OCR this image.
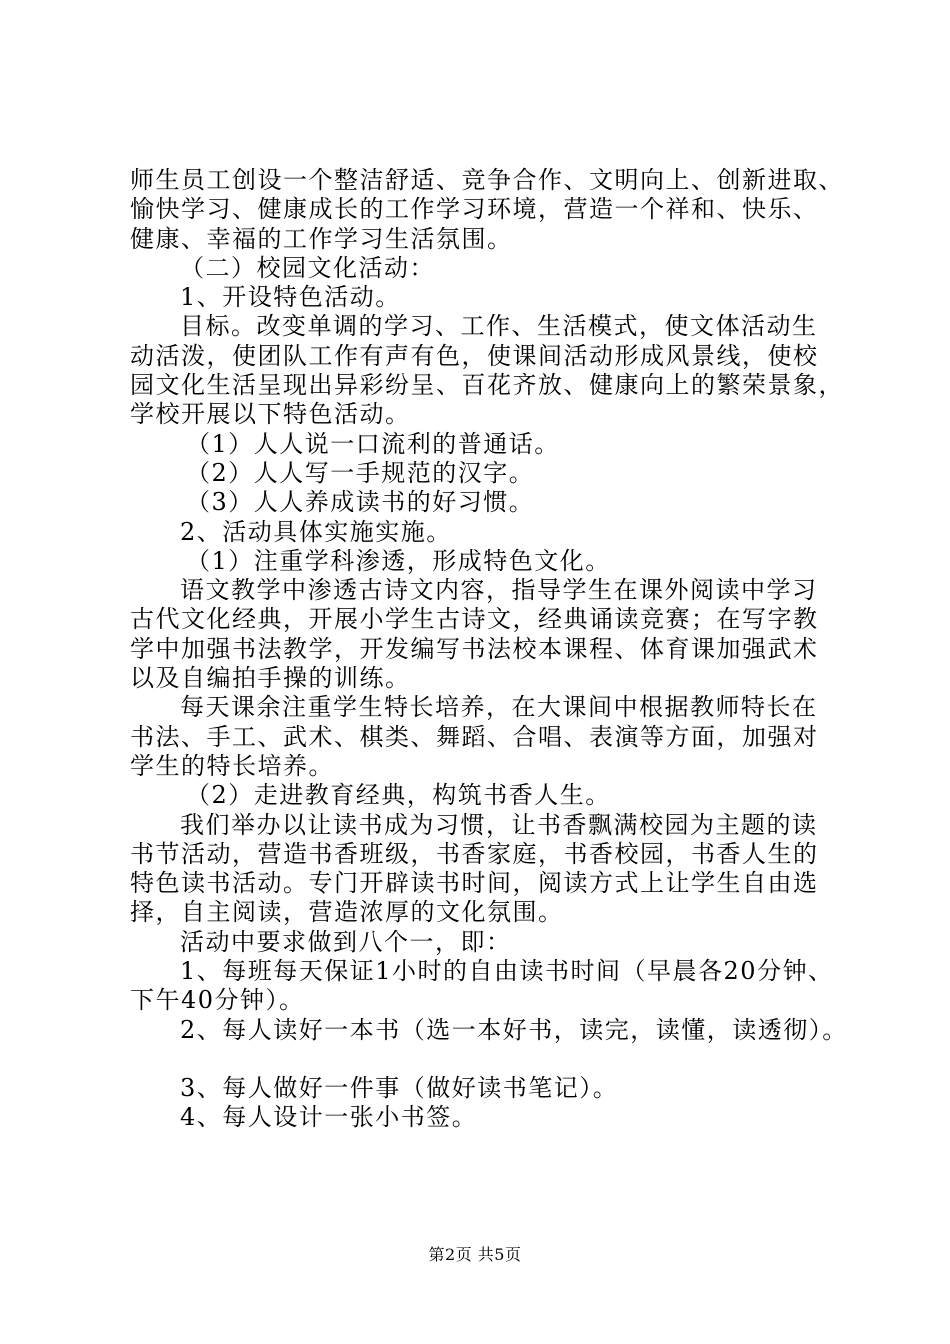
师生员工创设一个整洁舒适、竞争合作、文明向上、创新进取、

愉快学习、健康成长的工作学习环境，营造一个祥和、快乐、

健康、幸福的工作学习生活氛围。

（二）校园文化活动：

1、开设特色活动。

目标。改变单调的学习、工作、生活模式，使文体活动生

动活泼，使团队工作有声有色，使课间活动形成风景线，使校

园文化生活呈现出异彩纷呈、百花齐放、健康向上的繁荣景象，

学校开展以下特色活动。

（1）人人说一口流利的普通话。

（2）人人写一手规范的汉字。

（3）人人养成读书的好习惯。

2、活动具体实施实施。

（1）注重学科渗透，形成特色文化。

语文教学中渗透古诗文内容，指导学生在课外阅读中学习

古代文化经典，开展小学生古诗文，经典诵读竞赛；在写字教

学中加强书法教学，开发编写书法校本课程、体育课加强武术

以及自编拍手操的训练。

每天课余注重学生特长培养，在大课间中根据教师特长在

书法、手工、武术、棋类、舞蹈、合唱、表演等方面，加强对

学生的特长培养。

（2）走进教育经典，构筑书香人生。

我们举办以让读书成为习惯，让书香飘满校园为主题的读

书节活动，营造书香班级，书香家庭，书香校园，书香人生的

特色读书活动。专门开辟读书时间，阅读方式上让学生自由选

择，自主阅读，营造浓厚的文化氛围。

活动中要求做到八个一，即：

1、每班每天保证1小时的自由读书时间（早晨各20分钟、

下午40分钟）。

2、每人读好一本书（选一本好书，读完，读懂，读透彻）。

3、每人做好一件事（做好读书笔记）。

4、每人设计一张小书签。

第2页 共5页
